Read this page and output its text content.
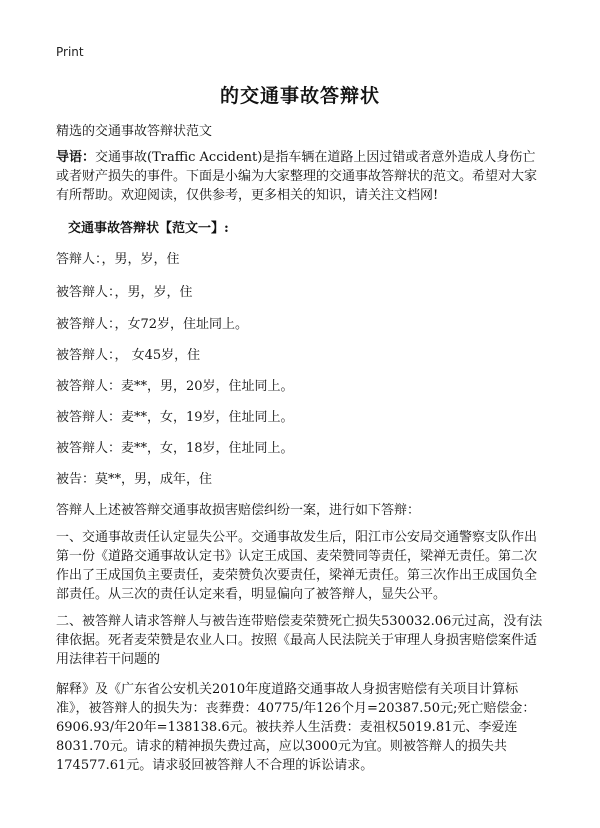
Print
的交通事故答辩状
精选的交通事故答辩状范文
导语：交通事故(Traffic Accident)是指车辆在道路上因过错或者意外造成人身伤亡或者财产损失的事件。下面是小编为大家整理的交通事故答辩状的范文。希望对大家有所帮助。欢迎阅读，仅供参考，更多相关的知识，请关注文档网!
交通事故答辩状【范文一】:
答辩人：，男，岁，住
被答辩人：，男，岁，住
被答辩人：，女72岁，住址同上。
被答辩人：， 女45岁，住
被答辩人：麦**，男，20岁，住址同上。
被答辩人：麦**，女，19岁，住址同上。
被答辩人：麦**，女，18岁，住址同上。
被告：莫**，男，成年，住
答辩人上述被答辩交通事故损害赔偿纠纷一案，进行如下答辩：
一、交通事故责任认定显失公平。交通事故发生后，阳江市公安局交通警察支队作出第一份《道路交通事故认定书》认定王成国、麦荣赞同等责任，梁禅无责任。第二次作出了王成国负主要责任，麦荣赞负次要责任，梁禅无责任。第三次作出王成国负全部责任。从三次的责任认定来看，明显偏向了被答辩人，显失公平。
二、被答辩人请求答辩人与被告连带赔偿麦荣赞死亡损失530032.06元过高，没有法律依据。死者麦荣赞是农业人口。按照《最高人民法院关于审理人身损害赔偿案件适用法律若干问题的
解释》及《广东省公安机关2010年度道路交通事故人身损害赔偿有关项目计算标准》，被答辩人的损失为：丧葬费：40775/年126个月=20387.50元;死亡赔偿金：6906.93/年20年=138138.6元。被扶养人生活费：麦祖权5019.81元、李爱连8031.70元。请求的精神损失费过高，应以3000元为宜。则被答辩人的损失共174577.61元。请求驳回被答辩人不合理的诉讼请求。
